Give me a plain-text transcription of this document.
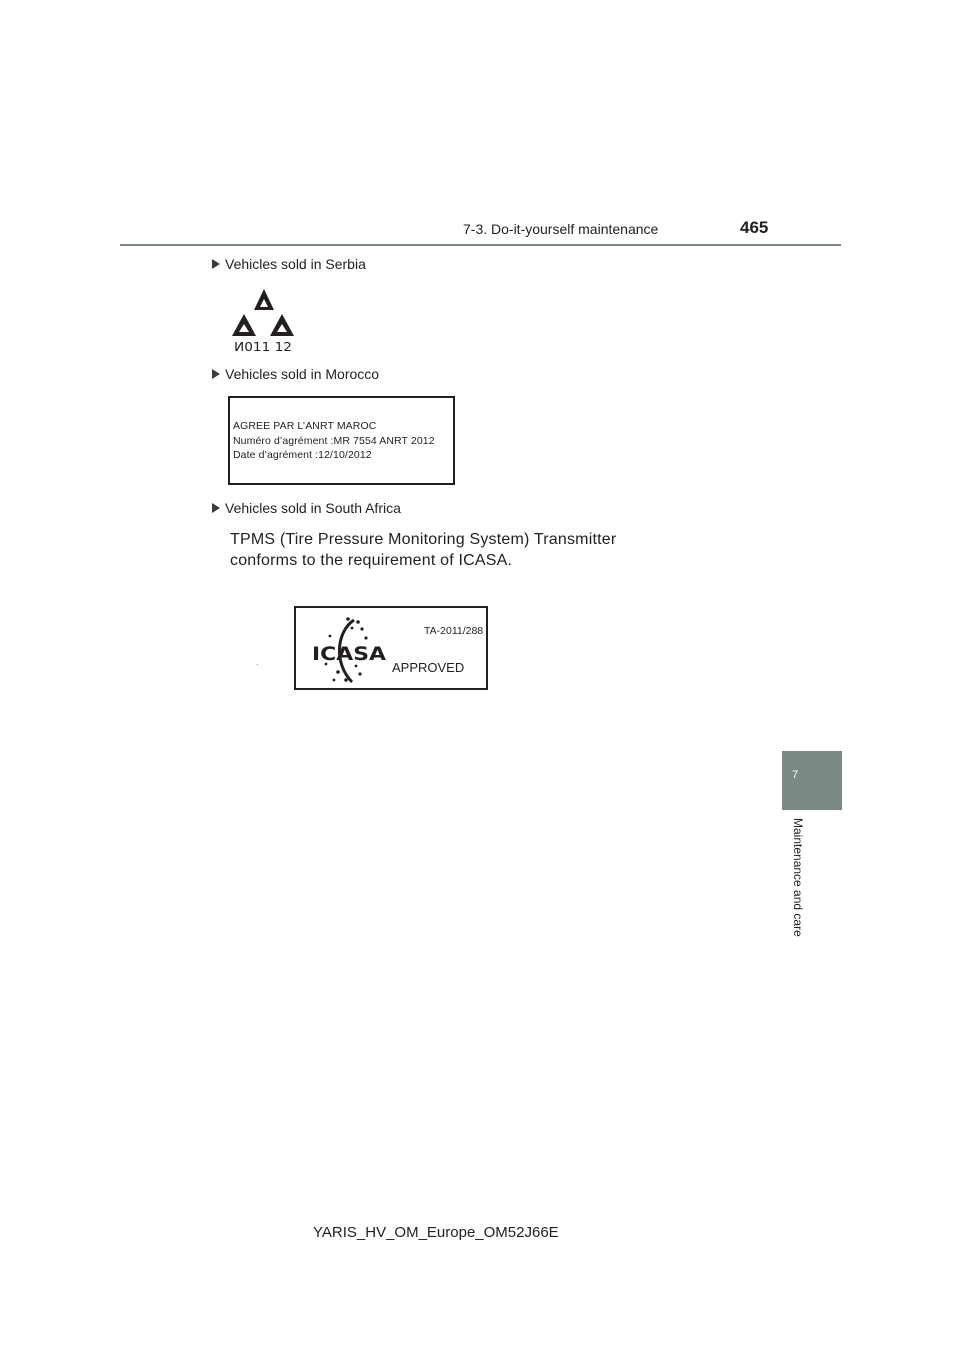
7-3. Do-it-yourself maintenance	465
7
Maintenance and care
Vehicles sold in Serbia
И011 12
Vehicles sold in Morocco
AGREE PAR L’ANRT MAROC
Numéro d’agrément :MR 7554 ANRT 2012
Date d’agrément :12/10/2012
Vehicles sold in South Africa
TPMS (Tire Pressure Monitoring System) Transmitter
conforms to the requirement of ICASA.
ICASA
TA-2011/288
APPROVED
YARIS_HV_OM_Europe_OM52J66E
